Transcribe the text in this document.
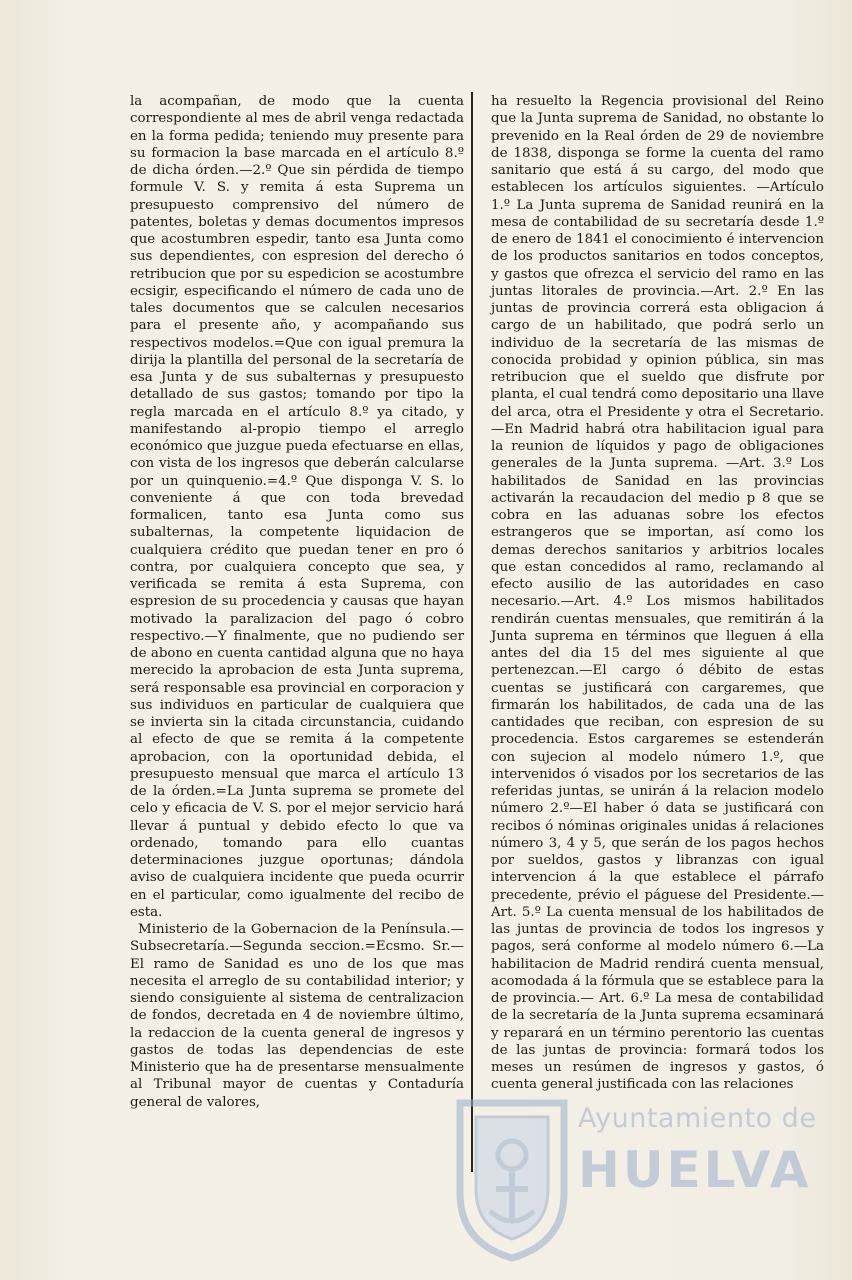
la acompañan, de modo que la cuenta correspondiente al mes de abril venga redactada en la forma pedida; teniendo muy presente para su formacion la base marcada en el artículo 8.º de dicha órden.—2.º Que sin pérdida de tiempo formule V. S. y remita á esta Suprema un presupuesto comprensivo del número de patentes, boletas y demas documentos impresos que acostumbren espedir, tanto esa Junta como sus dependientes, con espresion del derecho ó retribucion que por su espedicion se acostumbre ecsigir, especificando el número de cada uno de tales documentos que se calculen necesarios para el presente año, y acompañando sus respectivos modelos.=Que con igual premura la dirija la plantilla del personal de la secretaría de esa Junta y de sus subalternas y presupuesto detallado de sus gastos; tomando por tipo la regla marcada en el artículo 8.º ya citado, y manifestando al-propio tiempo el arreglo económico que juzgue pueda efectuarse en ellas, con vista de los ingresos que deberán calcularse por un quinquenio.=4.º Que disponga V. S. lo conveniente á que con toda brevedad formalicen, tanto esa Junta como sus subalternas, la competente liquidacion de cualquiera crédito que puedan tener en pro ó contra, por cualquiera concepto que sea, y verificada se remita á esta Suprema, con espresion de su procedencia y causas que hayan motivado la paralizacion del pago ó cobro respectivo.—Y finalmente, que no pudiendo ser de abono en cuenta cantidad alguna que no haya merecido la aprobacion de esta Junta suprema, será responsable esa provincial en corporacion y sus individuos en particular de cualquiera que se invierta sin la citada circunstancia, cuidando al efecto de que se remita á la competente aprobacion, con la oportunidad debida, el presupuesto mensual que marca el artículo 13 de la órden.=La Junta suprema se promete del celo y eficacia de V. S. por el mejor servicio hará llevar á puntual y debido efecto lo que va ordenado, tomando para ello cuantas determinaciones juzgue oportunas; dándola aviso de cualquiera incidente que pueda ocurrir en el particular, como igualmente del recibo de esta.

Ministerio de la Gobernacion de la Península.—Subsecretaría.—Segunda seccion.=Ecsmo. Sr.—El ramo de Sanidad es uno de los que mas necesita el arreglo de su contabilidad interior; y siendo consiguiente al sistema de centralizacion de fondos, decretada en 4 de noviembre último, la redaccion de la cuenta general de ingresos y gastos de todas las dependencias de este Ministerio que ha de presentarse mensualmente al Tribunal mayor de cuentas y Contaduría general de valores,

ha resuelto la Regencia provisional del Reino que la Junta suprema de Sanidad, no obstante lo prevenido en la Real órden de 29 de noviembre de 1838, disponga se forme la cuenta del ramo sanitario que está á su cargo, del modo que establecen los artículos siguientes. —Artículo 1.º La Junta suprema de Sanidad reunirá en la mesa de contabilidad de su secretaría desde 1.º de enero de 1841 el conocimiento é intervencion de los productos sanitarios en todos conceptos, y gastos que ofrezca el servicio del ramo en las juntas litorales de provincia.—Art. 2.º En las juntas de provincia correrá esta obligacion á cargo de un habilitado, que podrá serlo un individuo de la secretaría de las mismas de conocida probidad y opinion pública, sin mas retribucion que el sueldo que disfrute por planta, el cual tendrá como depositario una llave del arca, otra el Presidente y otra el Secretario.—En Madrid habrá otra habilitacion igual para la reunion de líquidos y pago de obligaciones generales de la Junta suprema. —Art. 3.º Los habilitados de Sanidad en las provincias activarán la recaudacion del medio p 8 que se cobra en las aduanas sobre los efectos estrangeros que se importan, así como los demas derechos sanitarios y arbitrios locales que estan concedidos al ramo, reclamando al efecto ausilio de las autoridades en caso necesario.—Art. 4.º Los mismos habilitados rendirán cuentas mensuales, que remitirán á la Junta suprema en términos que lleguen á ella antes del dia 15 del mes siguiente al que pertenezcan.—El cargo ó débito de estas cuentas se justificará con cargaremes, que firmarán los habilitados, de cada una de las cantidades que reciban, con espresion de su procedencia. Estos cargaremes se estenderán con sujecion al modelo número 1.º, que intervenidos ó visados por los secretarios de las referidas juntas, se unirán á la relacion modelo número 2.º—El haber ó data se justificará con recibos ó nóminas originales unidas á relaciones número 3, 4 y 5, que serán de los pagos hechos por sueldos, gastos y libranzas con igual intervencion á la que establece el párrafo precedente, prévio el páguese del Presidente.—Art. 5.º La cuenta mensual de los habilitados de las juntas de provincia de todos los ingresos y pagos, será conforme al modelo número 6.—La habilitacion de Madrid rendirá cuenta mensual, acomodada á la fórmula que se establece para la de provincia.— Art. 6.º La mesa de contabilidad de la secretaría de la Junta suprema ecsaminará y reparará en un término perentorio las cuentas de las juntas de provincia: formará todos los meses un resúmen de ingresos y gastos, ó cuenta general justificada con las relaciones

Ayuntamiento de
HUELVA
